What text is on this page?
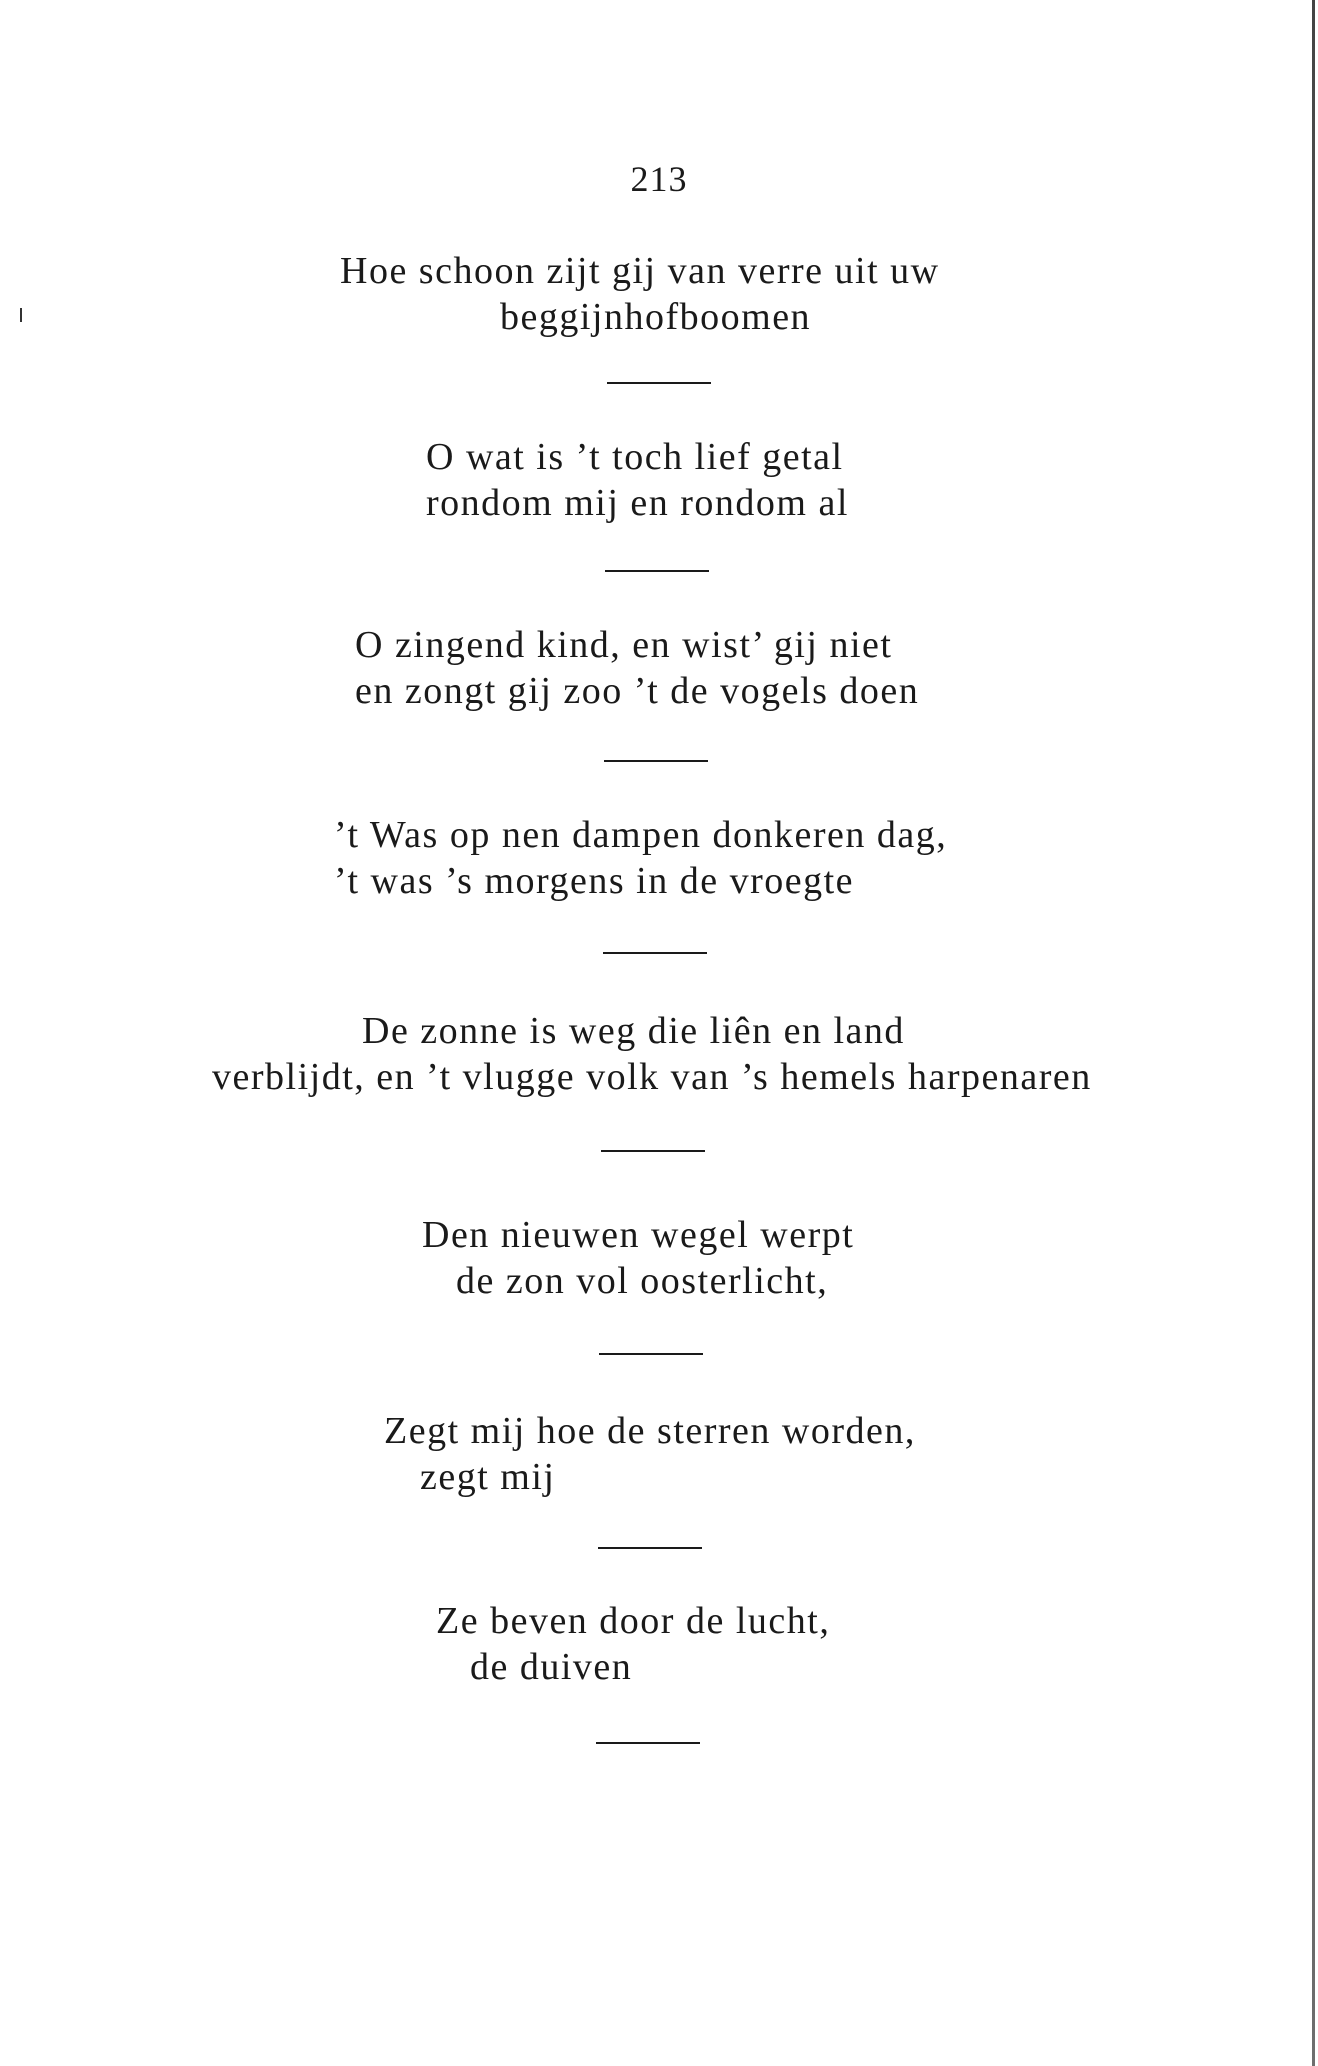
213
Hoe schoon zijt gij van verre uit uw
beggijnhofboomen
O wat is ’t toch lief getal
rondom mij en rondom al
O zingend kind, en wist’ gij niet
en zongt gij zoo ’t de vogels doen
’t Was op nen dampen donkeren dag,
’t was ’s morgens in de vroegte
De zonne is weg die liên en land
verblijdt, en ’t vlugge volk van ’s hemels harpenaren
Den nieuwen wegel werpt
de zon vol oosterlicht,
Zegt mij hoe de sterren worden,
zegt mij
Ze beven door de lucht,
de duiven
